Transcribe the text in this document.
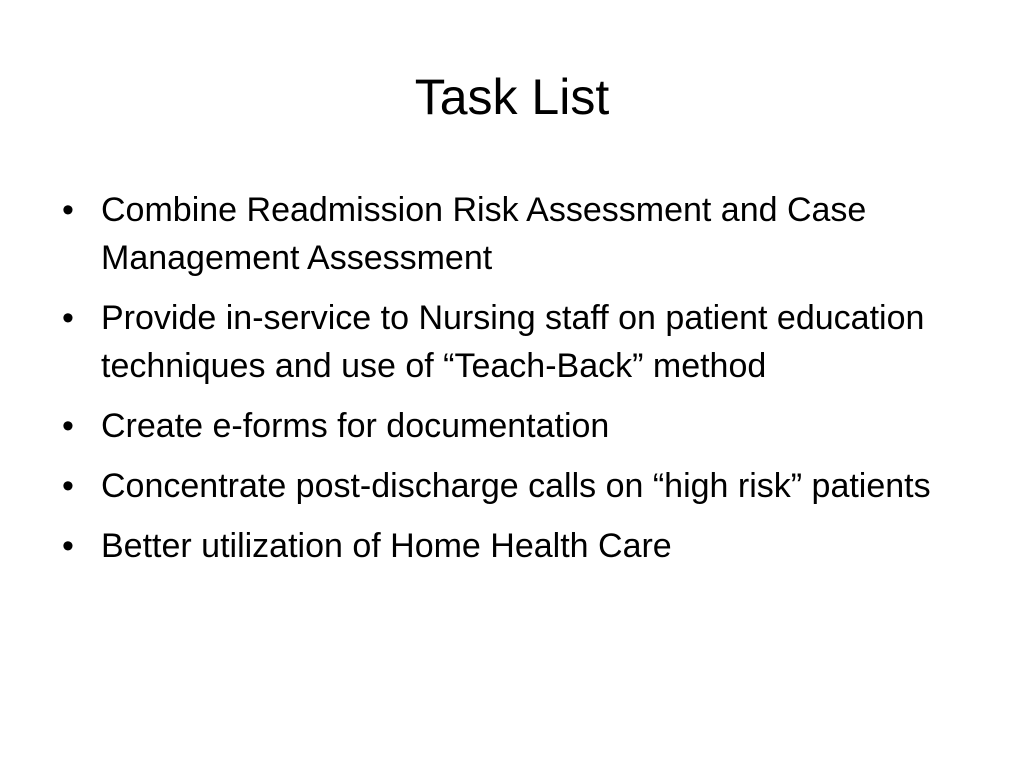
Task List
• Combine Readmission Risk Assessment and Case Management Assessment
• Provide in-service to Nursing staff on patient education techniques and use of “Teach-Back” method
• Create e-forms for documentation
• Concentrate post-discharge calls on “high risk” patients
• Better utilization of Home Health Care
